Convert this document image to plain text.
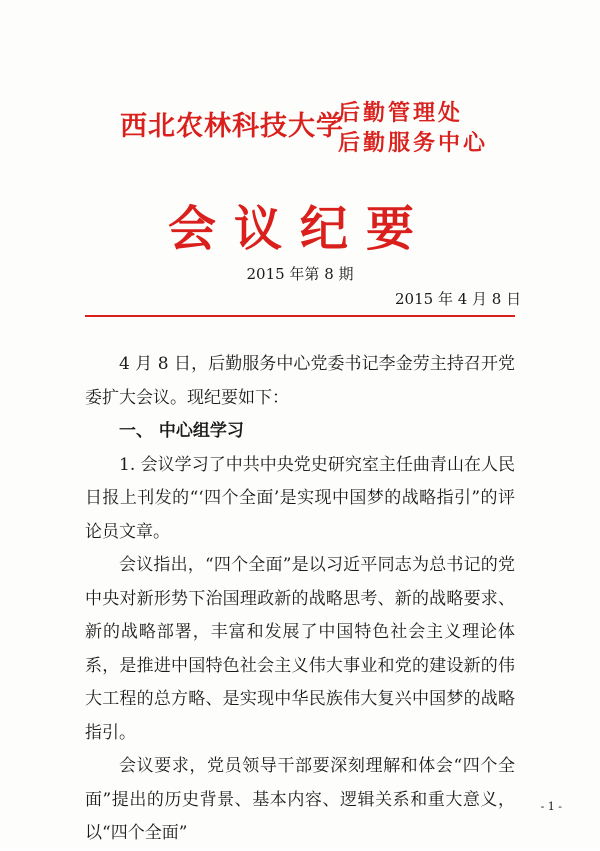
西北农林科技大学
后勤管理处
后勤服务中心
会议纪要
2015 年第 8 期
2015 年 4 月 8 日

4 月 8 日，后勤服务中心党委书记李金劳主持召开党委扩大会议。现纪要如下：

一、 中心组学习

1. 会议学习了中共中央党史研究室主任曲青山在人民日报上刊发的“‘四个全面’是实现中国梦的战略指引”的评论员文章。

会议指出，“四个全面”是以习近平同志为总书记的党中央对新形势下治国理政新的战略思考、新的战略要求、新的战略部署，丰富和发展了中国特色社会主义理论体系，是推进中国特色社会主义伟大事业和党的建设新的伟大工程的总方略、是实现中华民族伟大复兴中国梦的战略指引。

会议要求，党员领导干部要深刻理解和体会“四个全面”提出的历史背景、基本内容、逻辑关系和重大意义，以“四个全面”

- 1 -
